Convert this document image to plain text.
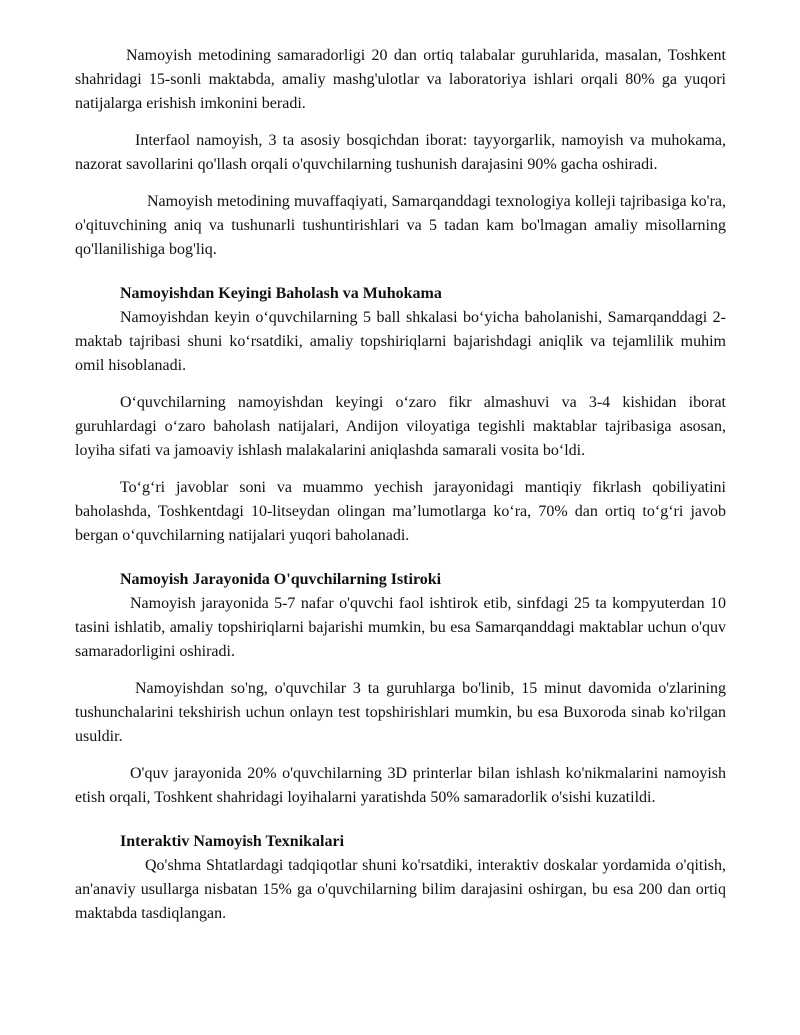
Namoyish metodining samaradorligi 20 dan ortiq talabalar guruhlarida, masalan, Toshkent shahridagi 15-sonli maktabda, amaliy mashg'ulotlar va laboratoriya ishlari orqali 80% ga yuqori natijalarga erishish imkonini beradi.

Interfaol namoyish, 3 ta asosiy bosqichdan iborat: tayyorgarlik, namoyish va muhokama, nazorat savollarini qo'llash orqali o'quvchilarning tushunish darajasini 90% gacha oshiradi.

Namoyish metodining muvaffaqiyati, Samarqanddagi texnologiya kolleji tajribasiga ko'ra, o'qituvchining aniq va tushunarli tushuntirishlari va 5 tadan kam bo'lmagan amaliy misollarning qo'llanilishiga bog'liq.

Namoyishdan Keyingi Baholash va Muhokama

Namoyishdan keyin o‘quvchilarning 5 ball shkalasi bo‘yicha baholanishi, Samarqanddagi 2-maktab tajribasi shuni ko‘rsatdiki, amaliy topshiriqlarni bajarishdagi aniqlik va tejamlilik muhim omil hisoblanadi.

O‘quvchilarning namoyishdan keyingi o‘zaro fikr almashuvi va 3-4 kishidan iborat guruhlardagi o‘zaro baholash natijalari, Andijon viloyatiga tegishli maktablar tajribasiga asosan, loyiha sifati va jamoaviy ishlash malakalarini aniqlashda samarali vosita bo‘ldi.

To‘g‘ri javoblar soni va muammo yechish jarayonidagi mantiqiy fikrlash qobiliyatini baholashda, Toshkentdagi 10-litseydan olingan ma’lumotlarga ko‘ra, 70% dan ortiq to‘g‘ri javob bergan o‘quvchilarning natijalari yuqori baholanadi.

Namoyish Jarayonida O'quvchilarning Istiroki

Namoyish jarayonida 5-7 nafar o'quvchi faol ishtirok etib, sinfdagi 25 ta kompyuterdan 10 tasini ishlatib, amaliy topshiriqlarni bajarishi mumkin, bu esa Samarqanddagi maktablar uchun o'quv samaradorligini oshiradi.

Namoyishdan so'ng, o'quvchilar 3 ta guruhlarga bo'linib, 15 minut davomida o'zlarining tushunchalarini tekshirish uchun onlayn test topshirishlari mumkin, bu esa Buxoroda sinab ko'rilgan usuldir.

O'quv jarayonida 20% o'quvchilarning 3D printerlar bilan ishlash ko'nikmalarini namoyish etish orqali, Toshkent shahridagi loyihalarni yaratishda 50% samaradorlik o'sishi kuzatildi.

Interaktiv Namoyish Texnikalari

Qo'shma Shtatlardagi tadqiqotlar shuni ko'rsatdiki, interaktiv doskalar yordamida o'qitish, an'anaviy usullarga nisbatan 15% ga o'quvchilarning bilim darajasini oshirgan, bu esa 200 dan ortiq maktabda tasdiqlangan.
